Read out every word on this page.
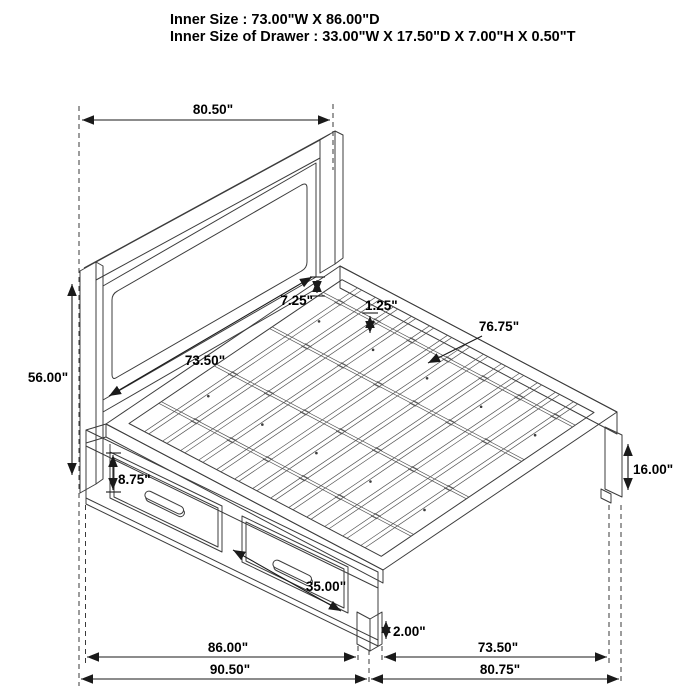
Inner Size : 73.00"W X 86.00"D
Inner Size of Drawer : 33.00"W X 17.50"D X 7.00"H X 0.50"T
80.50"
56.00"
73.50"
7.25"	1.25"
76.75"
16.00"
8.75"
35.00"
2.00"
86.00"	73.50"
90.50"	80.75"
